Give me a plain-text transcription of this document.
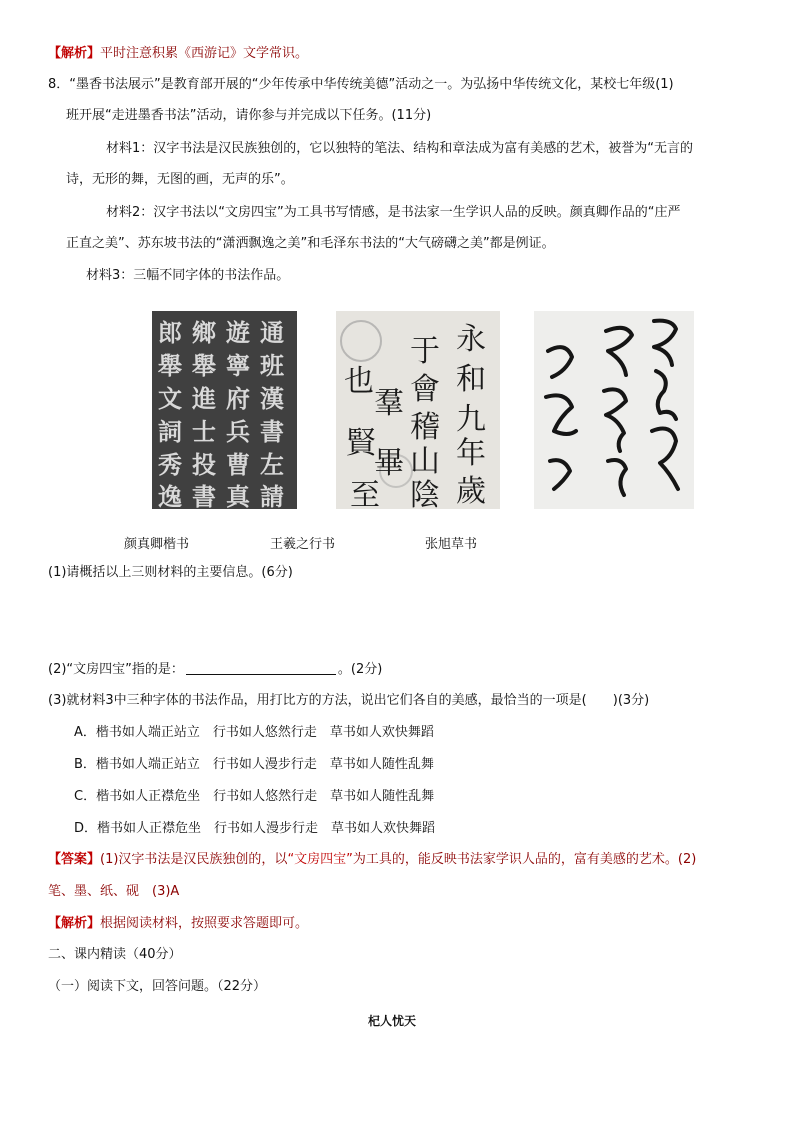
【解析】平时注意积累《西游记》文学常识。
8．“墨香书法展示”是教育部开展的“少年传承中华传统美德”活动之一。为弘扬中华传统文化，某校七年级(1)
班开展“走进墨香书法”活动，请你参与并完成以下任务。(11分)
材料1：汉字书法是汉民族独创的，它以独特的笔法、结构和章法成为富有美感的艺术，被誉为“无言的
诗，无形的舞，无图的画，无声的乐”。
材料2：汉字书法以“文房四宝”为工具书写情感，是书法家一生学识人品的反映。颜真卿作品的“庄严
正直之美”、苏东坡书法的“潇洒飘逸之美”和毛泽东书法的“大气磅礴之美”都是例证。
材料3：三幅不同字体的书法作品。
郎
舉
文
詞
秀
逸
鄉
舉
進
士
投
書
遊
寧
府
兵
曹
真
通
班
漢
書
左
請
永
和
九
年
歲
于
會
稽
山
陰
也
羣
賢
畢
至
颜真卿楷书	王羲之行书	张旭草书
(1)请概括以上三则材料的主要信息。(6分)
(2)“文房四宝”指的是：	。(2分)
(3)就材料3中三种字体的书法作品，用打比方的方法，说出它们各自的美感，最恰当的一项是(　　)(3分)
A．楷书如人端正站立　行书如人悠然行走　草书如人欢快舞蹈
B．楷书如人端正站立　行书如人漫步行走　草书如人随性乱舞
C．楷书如人正襟危坐　行书如人悠然行走　草书如人随性乱舞
D．楷书如人正襟危坐　行书如人漫步行走　草书如人欢快舞蹈
【答案】(1)汉字书法是汉民族独创的，以“文房四宝”为工具的，能反映书法家学识人品的，富有美感的艺术。(2)
笔、墨、纸、砚　(3)A
【解析】根据阅读材料，按照要求答题即可。
二、课内精读（40分）
（一）阅读下文，回答问题。（22分）
杞人忧天
